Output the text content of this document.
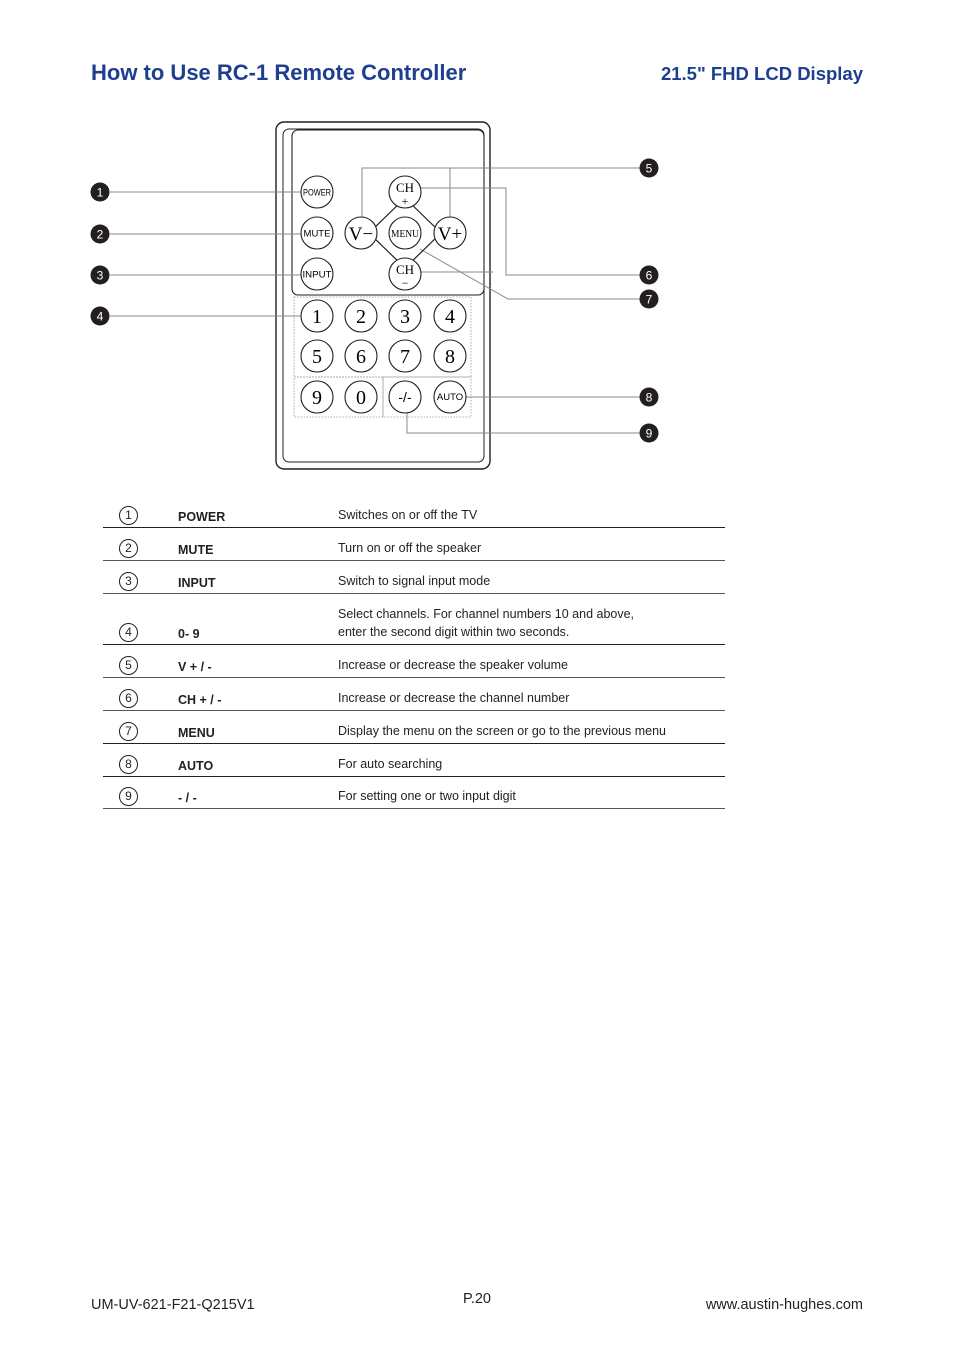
How to Use RC-1 Remote Controller	21.5" FHD LCD Display
POWER
MUTE
INPUT
CH
+
V− MENU V+
CH
−
1 2 3 4
5 6 7 8
9 0 -/-	AUTO
1
2
3
4
5
6
7
8
9
1	POWER	Switches on or off the TV
2	MUTE	Turn on or off the speaker
3	INPUT	Switch to signal input mode
4	0- 9	Select channels. For channel numbers 10 and above,
enter the second digit within two seconds.

5	V + / -	Increase or decrease the speaker volume
6	CH + / -	Increase or decrease the channel number
7	MENU	Display the menu on the screen or go to the previous menu
8	AUTO	For auto searching
9	- / -	For setting one or two input digit
UM-UV-621-F21-Q215V1	P.20	www.austin-hughes.com
